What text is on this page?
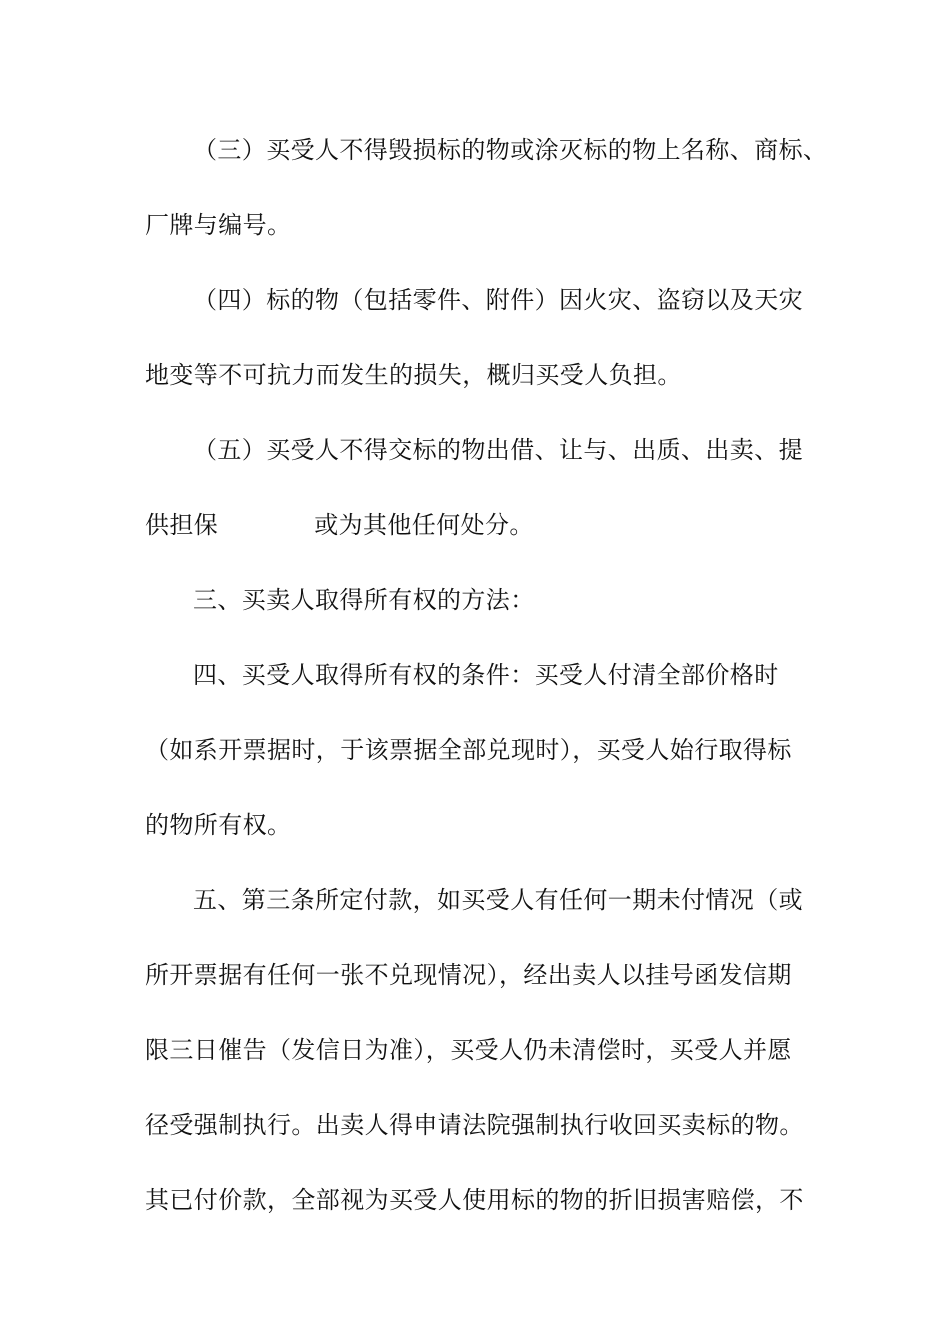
（三）买受人不得毁损标的物或涂灭标的物上名称、商标、
厂牌与编号。
（四）标的物（包括零件、附件）因火灾、盗窃以及天灾
地变等不可抗力而发生的损失，概归买受人负担。
（五）买受人不得交标的物出借、让与、出质、出卖、提
供担保	或为其他任何处分。
三、买卖人取得所有权的方法：
四、买受人取得所有权的条件：买受人付清全部价格时
（如系开票据时，于该票据全部兑现时），买受人始行取得标
的物所有权。
五、第三条所定付款，如买受人有任何一期未付情况（或
所开票据有任何一张不兑现情况），经出卖人以挂号函发信期
限三日催告（发信日为准），买受人仍未清偿时，买受人并愿
径受强制执行。出卖人得申请法院强制执行收回买卖标的物。
其已付价款，全部视为买受人使用标的物的折旧损害赔偿，不
